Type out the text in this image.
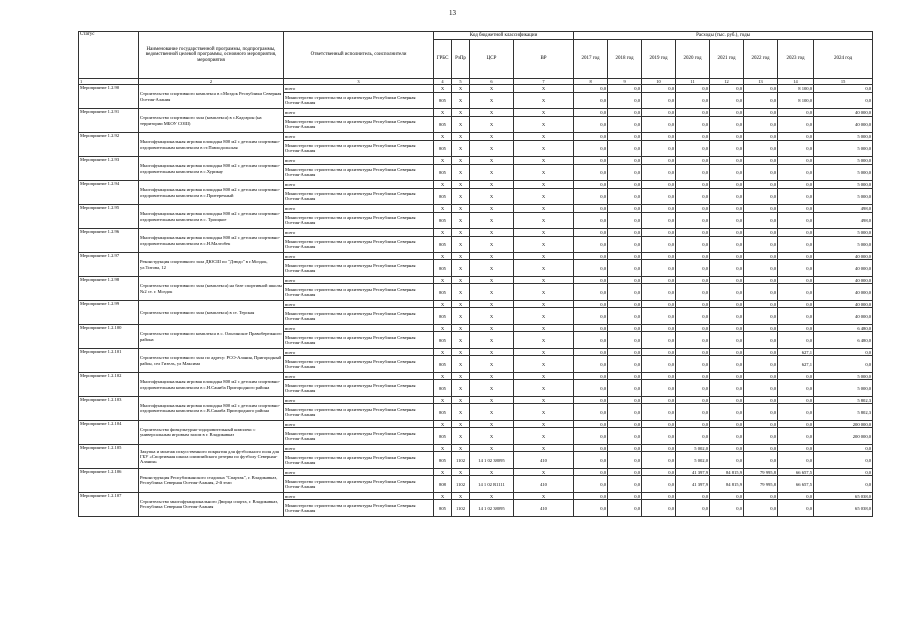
13
Статус	Наименование государственной программы, подпрограммы, ведомственной целевой программы, основного мероприятия, мероприятия	Ответственный исполнитель, соисполнители	Код бюджетной классификации				Расходы (тыс. руб.), годы							
			ГРБС	РзПр	ЦСР	ВР	2017 год	2018 год	2019 год	2020 год	2021 год	2022 год	2023 год	2024 год
1	2	3	4	5	6	7	8	9	10	11	12	13	14	15
Мероприятие 1.2.90	Строительство спортивного комплекса в г.Моздок Республики Северная Осетия-Алания	всего	X	X	X	X	0,0	0,0	0,0	0,0	0,0	0,0	8 100,0	0,0
		Министерство строительства и архитектуры Республики Северная Осетия-Алания	805	X	X	X	0,0	0,0	0,0	0,0	0,0	0,0	8 100,0	0,0
Мероприятие 1.2.91	Строительство спортивного зала (комплекса) в с.Кадгарон (на территории МБОУ СОШ)	всего	X	X	X	X	0,0	0,0	0,0	0,0	0,0	0,0	0,0	40 000,0
		Министерство строительства и архитектуры Республики Северная Осетия-Алания	805	X	X	X	0,0	0,0	0,0	0,0	0,0	0,0	0,0	40 000,0
Мероприятие 1.2.92	Многофункциональная игровая площадка 800 м2 с детским спортивно-оздоровительным комплексом в ст.Павлодольская	всего	X	X	X	X	0,0	0,0	0,0	0,0	0,0	0,0	0,0	5 000,0
		Министерство строительства и архитектуры Республики Северная Осетия-Алания	805	X	X	X	0,0	0,0	0,0	0,0	0,0	0,0	0,0	5 000,0
Мероприятие 1.2.93	Многофункциональная игровая площадка 800 м2 с детским спортивно-оздоровительным комплексом в с.Хурикау	всего	X	X	X	X	0,0	0,0	0,0	0,0	0,0	0,0	0,0	5 000,0
		Министерство строительства и архитектуры Республики Северная Осетия-Алания	805	X	X	X	0,0	0,0	0,0	0,0	0,0	0,0	0,0	5 000,0
Мероприятие 1.2.94	Многофункциональная игровая площадка 800 м2 с детским спортивно-оздоровительным комплексом в с.Притеречный	всего	X	X	X	X	0,0	0,0	0,0	0,0	0,0	0,0	0,0	5 000,0
		Министерство строительства и архитектуры Республики Северная Осетия-Алания	805	X	X	X	0,0	0,0	0,0	0,0	0,0	0,0	0,0	5 000,0
Мероприятие 1.2.95	Многофункциональная игровая площадка 800 м2 с детским спортивно-оздоровительным комплексом в с. Троицкое	всего	X	X	X	X	0,0	0,0	0,0	0,0	0,0	0,0	0,0	498,0
		Министерство строительства и архитектуры Республики Северная Осетия-Алания	805	X	X	X	0,0	0,0	0,0	0,0	0,0	0,0	0,0	498,0
Мероприятие 1.2.96	Многофункциональная игровая площадка 800 м2 с детским спортивно-оздоровительным комплексом в с.Н.Малгобек	всего	X	X	X	X	0,0	0,0	0,0	0,0	0,0	0,0	0,0	5 000,0
		Министерство строительства и архитектуры Республики Северная Осетия-Алания	805	X	X	X	0,0	0,0	0,0	0,0	0,0	0,0	0,0	5 000,0
Мероприятие 1.2.97	Реконструкция спортивного зала ДЮСШ по "Дзюдо" в г.Моздок, ул.Титова, 12	всего	X	X	X	X	0,0	0,0	0,0	0,0	0,0	0,0	0,0	40 000,0
		Министерство строительства и архитектуры Республики Северная Осетия-Алания	805	X	X	X	0,0	0,0	0,0	0,0	0,0	0,0	0,0	40 000,0
Мероприятие 1.2.98	Строительство спортивного зала (комплекса) на базе спортивной школы №2 ст. г. Моздок	всего	X	X	X	X	0,0	0,0	0,0	0,0	0,0	0,0	0,0	40 000,0
		Министерство строительства и архитектуры Республики Северная Осетия-Алания	805	X	X	X	0,0	0,0	0,0	0,0	0,0	0,0	0,0	40 000,0
Мероприятие 1.2.99	Строительство спортивного зала (комплекса) в ст. Терская	всего	X	X	X	X	0,0	0,0	0,0	0,0	0,0	0,0	0,0	40 000,0
		Министерство строительства и архитектуры Республики Северная Осетия-Алания	805	X	X	X	0,0	0,0	0,0	0,0	0,0	0,0	0,0	40 000,0
Мероприятие 1.2.100	Строительство спортивного комплекса в с. Ольгинское Правобережного района	всего	X	X	X	X	0,0	0,0	0,0	0,0	0,0	0,0	0,0	6 480,0
		Министерство строительства и архитектуры Республики Северная Осетия-Алания	805	X	X	X	0,0	0,0	0,0	0,0	0,0	0,0	0,0	6 480,0
Мероприятие 1.2.101	Строительство спортивного зала по адресу: РСО-Алания, Пригородный район, сел Гизель, ул Максима	всего	X	X	X	X	0,0	0,0	0,0	0,0	0,0	0,0	627,1	0,0
		Министерство строительства и архитектуры Республики Северная Осетия-Алания	805	X	X	X	0,0	0,0	0,0	0,0	0,0	0,0	627,1	0,0
Мероприятие 1.2.102	Многофункциональная игровая площадка 800 м2 с детским спортивно-оздоровительным комплексом в с.Н.Саниба Пригородного района	всего	X	X	X	X	0,0	0,0	0,0	0,0	0,0	0,0	0,0	5 000,0
		Министерство строительства и архитектуры Республики Северная Осетия-Алания	805	X	X	X	0,0	0,0	0,0	0,0	0,0	0,0	0,0	5 000,0
Мероприятие 1.2.103	Многофункциональная игровая площадка 800 м2 с детским спортивно-оздоровительным комплексом в с.В.Саниба Пригородного района	всего	X	X	X	X	0,0	0,0	0,0	0,0	0,0	0,0	0,0	5 802,3
		Министерство строительства и архитектуры Республики Северная Осетия-Алания	805	X	X	X	0,0	0,0	0,0	0,0	0,0	0,0	0,0	5 802,3
Мероприятие 1.2.104	Строительство физкультурно-оздоровительный комплекс с универсальным игровым залом в г. Владикавказ	всего	X	X	X	X	0,0	0,0	0,0	0,0	0,0	0,0	0,0	200 000,0
		Министерство строительства и архитектуры Республики Северная Осетия-Алания	805	X	X	X	0,0	0,0	0,0	0,0	0,0	0,0	0,0	200 000,0
Мероприятие 1.2.105	Закупка и монтаж искусственного покрытия для футбольного поля для ГБУ «Спортивная школа олимпийского резерва по футболу Северная-Алания»	всего	X	X	X	X	0,0	0,0	0,0	5 002,0	0,0	0,0	0,0	0,0
		Министерство строительства и архитектуры Республики Северная Осетия-Алания	805	1102	14 1 02 38095	410	0,0	0,0	0,0	5 002,0	0,0	0,0	0,0	0,0
Мероприятие 1.2.106	Реконструкция Республиканского стадиона "Спартак", г. Владикавказ, Республика Северная Осетия-Алания, 2-й этап	всего	X	X	X	X	0,0	0,0	0,0	41 397,9	84 815,9	79 995,8	66 657,5	0,0
		Министерство строительства и архитектуры Республики Северная Осетия-Алания	808	1102	14 1 02 R1111	410	0,0	0,0	0,0	41 397,9	84 815,9	79 995,8	66 657,5	0,0
Мероприятие 1.2.107	Строительство многофункционального Дворца спорта, г. Владикавказ, Республика Северная Осетия-Алания	всего	X	X	X	X	0,0	0,0	0,0	0,0	0,0	0,0	0,0	65 038,0
		Министерство строительства и архитектуры Республики Северная Осетия-Алания	805	1102	14 1 02 38095	410	0,0	0,0	0,0	0,0	0,0	0,0	0,0	65 038,0
